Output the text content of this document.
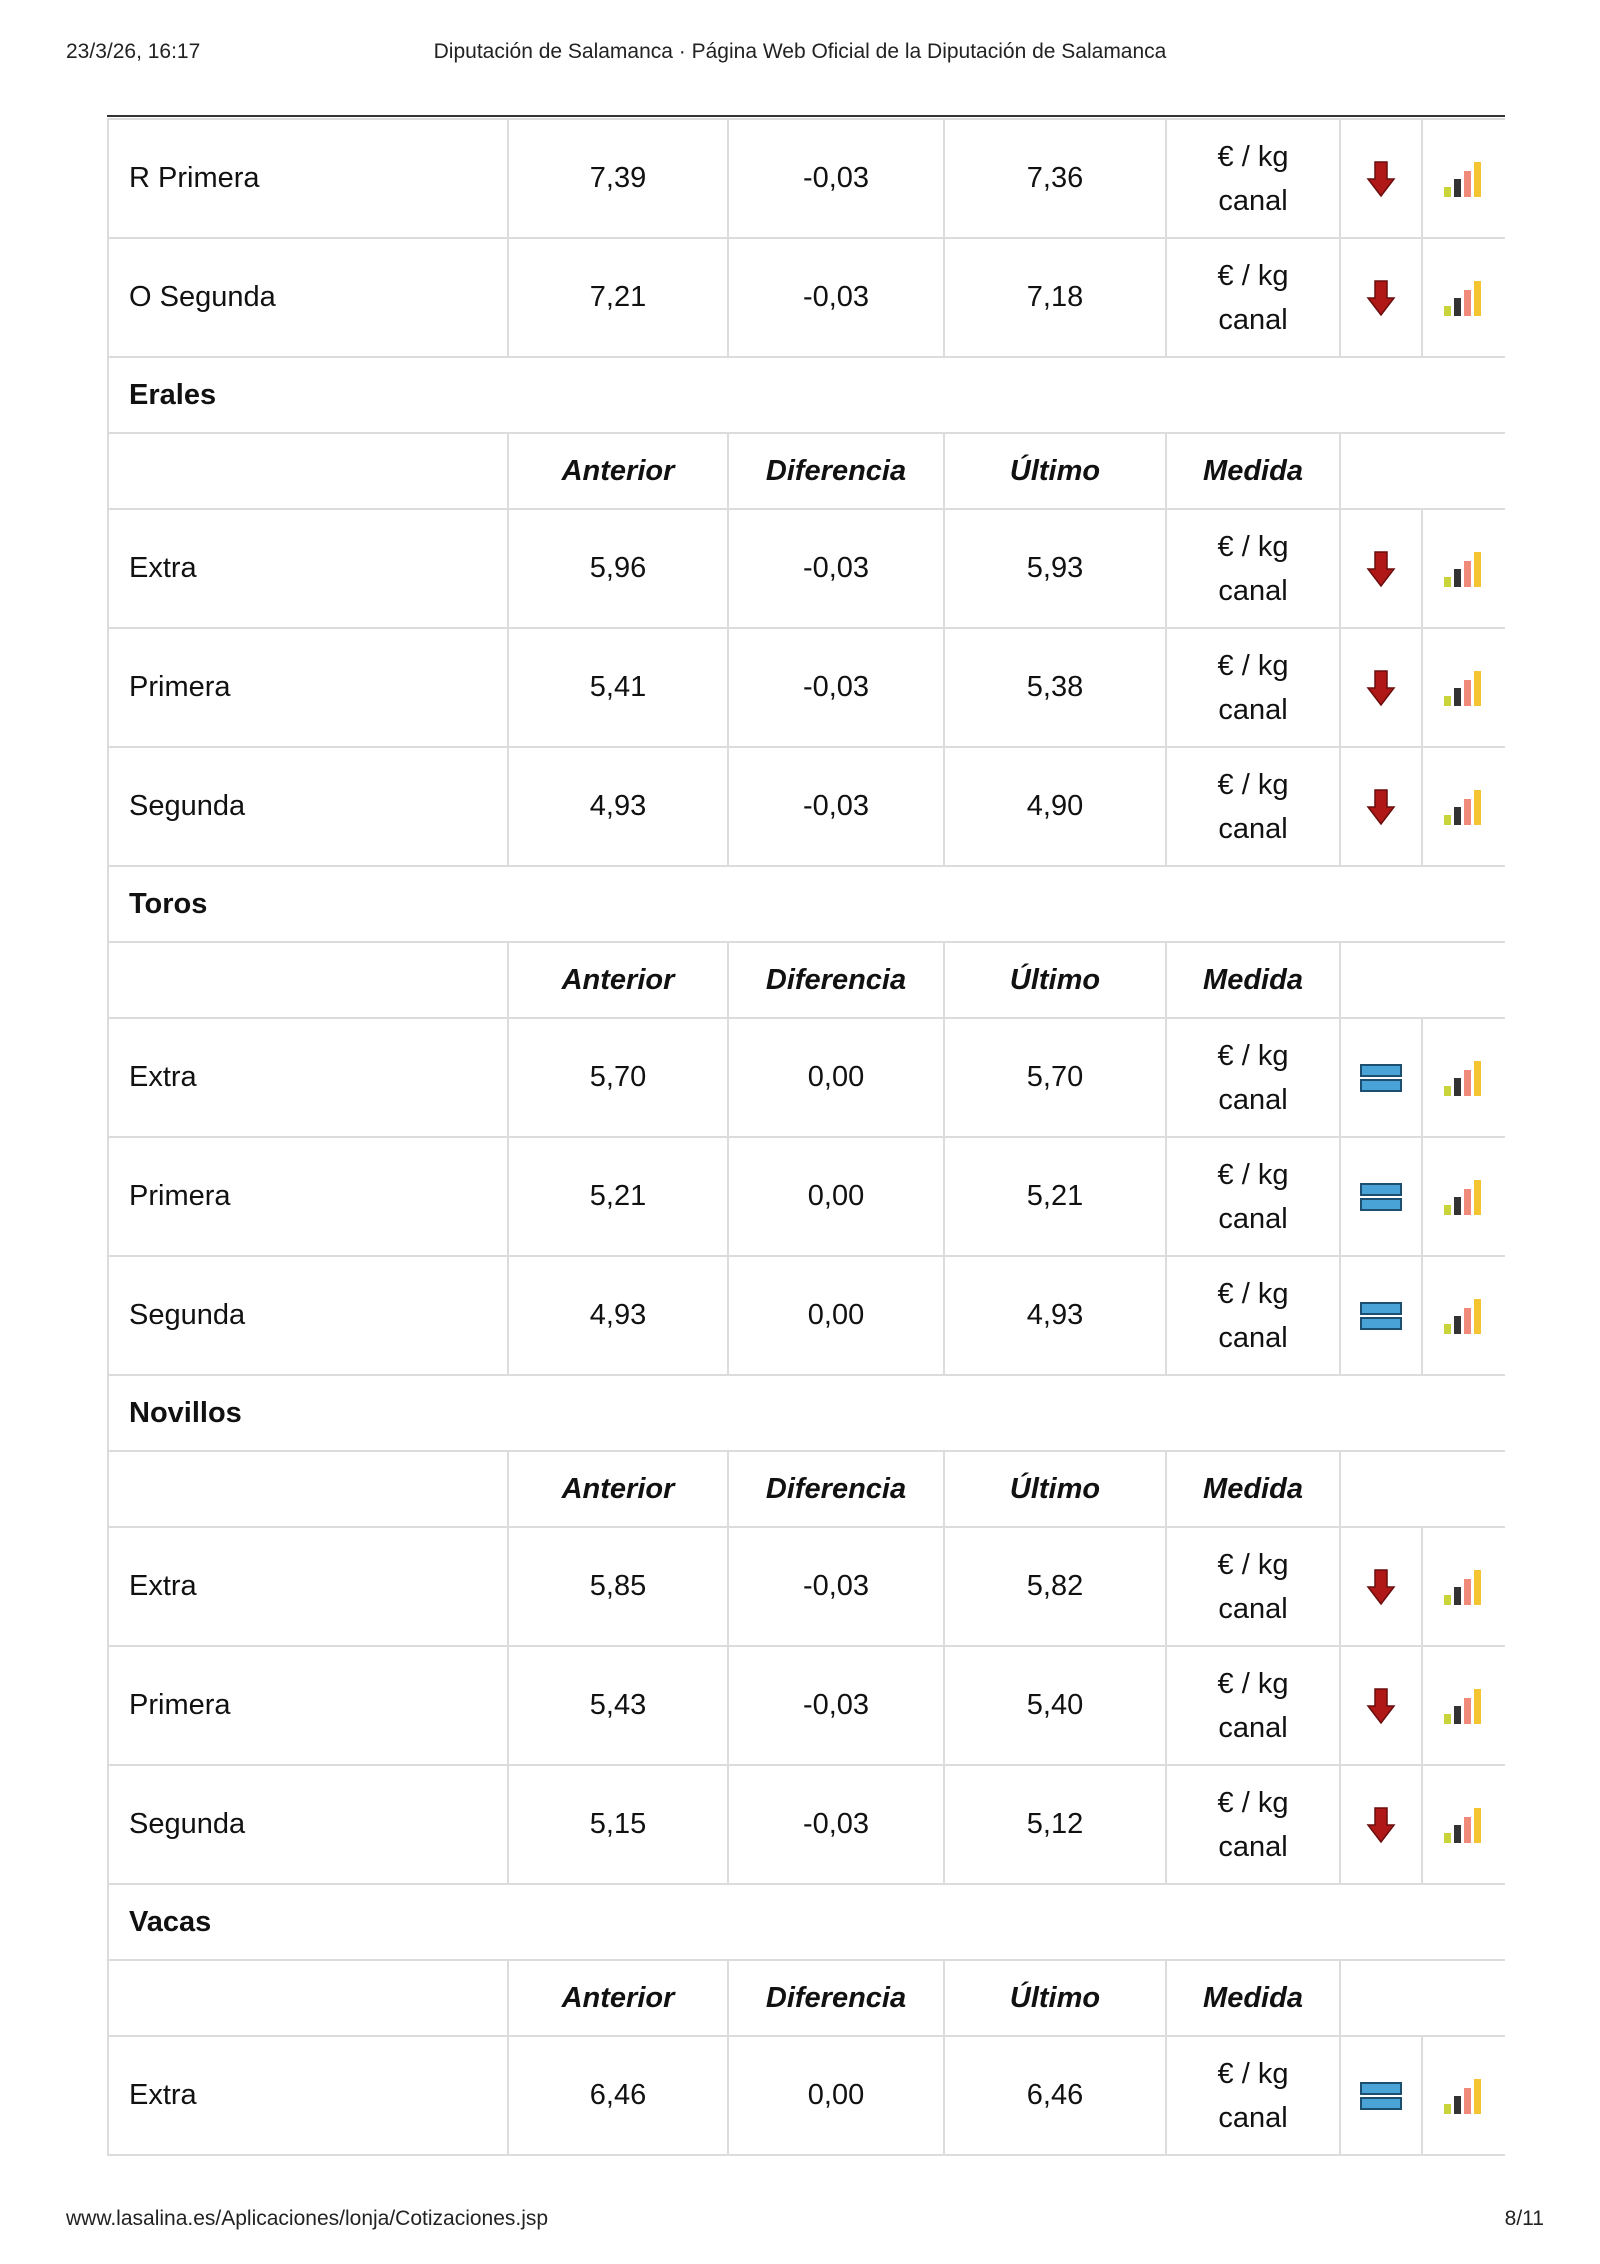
23/3/26, 16:17	Diputación de Salamanca · Página Web Oficial de la Diputación de Salamanca
R Primera	7,39	-0,03	7,36	€ / kg
canal

O Segunda	7,21	-0,03	7,18	€ / kg
canal

Erales						
	Anterior	Diferencia	Último	Medida		
Extra	5,96	-0,03	5,93	€ / kg
canal

Primera	5,41	-0,03	5,38	€ / kg
canal

Segunda	4,93	-0,03	4,90	€ / kg
canal

Toros						
	Anterior	Diferencia	Último	Medida		
Extra	5,70	0,00	5,70	€ / kg
canal

Primera	5,21	0,00	5,21	€ / kg
canal

Segunda	4,93	0,00	4,93	€ / kg
canal

Novillos						
	Anterior	Diferencia	Último	Medida		
Extra	5,85	-0,03	5,82	€ / kg
canal

Primera	5,43	-0,03	5,40	€ / kg
canal

Segunda	5,15	-0,03	5,12	€ / kg
canal

Vacas						
	Anterior	Diferencia	Último	Medida		
Extra	6,46	0,00	6,46	€ / kg
canal

www.lasalina.es/Aplicaciones/lonja/Cotizaciones.jsp	8/11
